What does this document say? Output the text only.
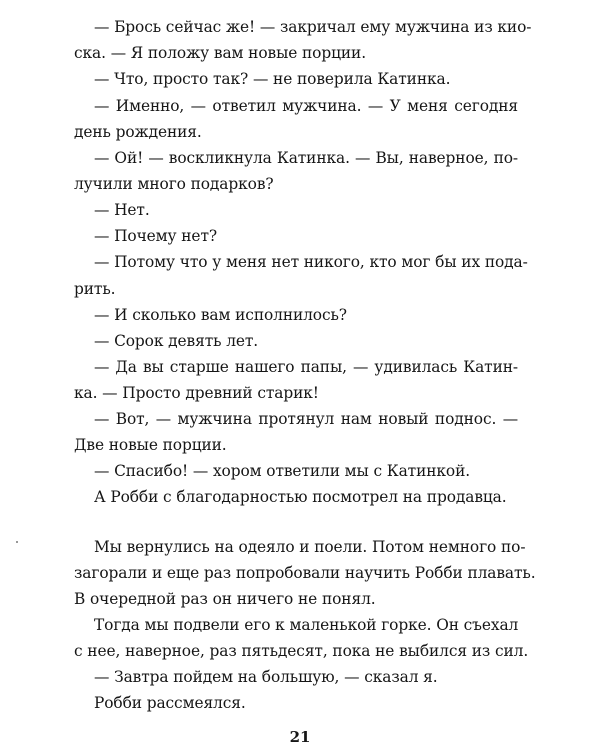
— Брось сейчас же! — закричал ему мужчина из кио-
ска. — Я положу вам новые порции.
— Что, просто так? — не поверила Катинка.
— Именно, — ответил мужчина. — У меня сегодня
день рождения.
— Ой! — воскликнула Катинка. — Вы, наверное, по-
лучили много подарков?
— Нет.
— Почему нет?
— Потому что у меня нет никого, кто мог бы их пода-
рить.
— И сколько вам исполнилось?
— Сорок девять лет.
— Да вы старше нашего папы, — удивилась Катин-
ка. — Просто древний старик!
— Вот, — мужчина протянул нам новый поднос. —
Две новые порции.
— Спасибо! — хором ответили мы с Катинкой.
А Робби с благодарностью посмотрел на продавца.
Мы вернулись на одеяло и поели. Потом немного по-
загорали и еще раз попробовали научить Робби плавать.
В очередной раз он ничего не понял.
Тогда мы подвели его к маленькой горке. Он съехал
с нее, наверное, раз пятьдесят, пока не выбился из сил.
— Завтра пойдем на большую, — сказал я.
Робби рассмеялся.
21
